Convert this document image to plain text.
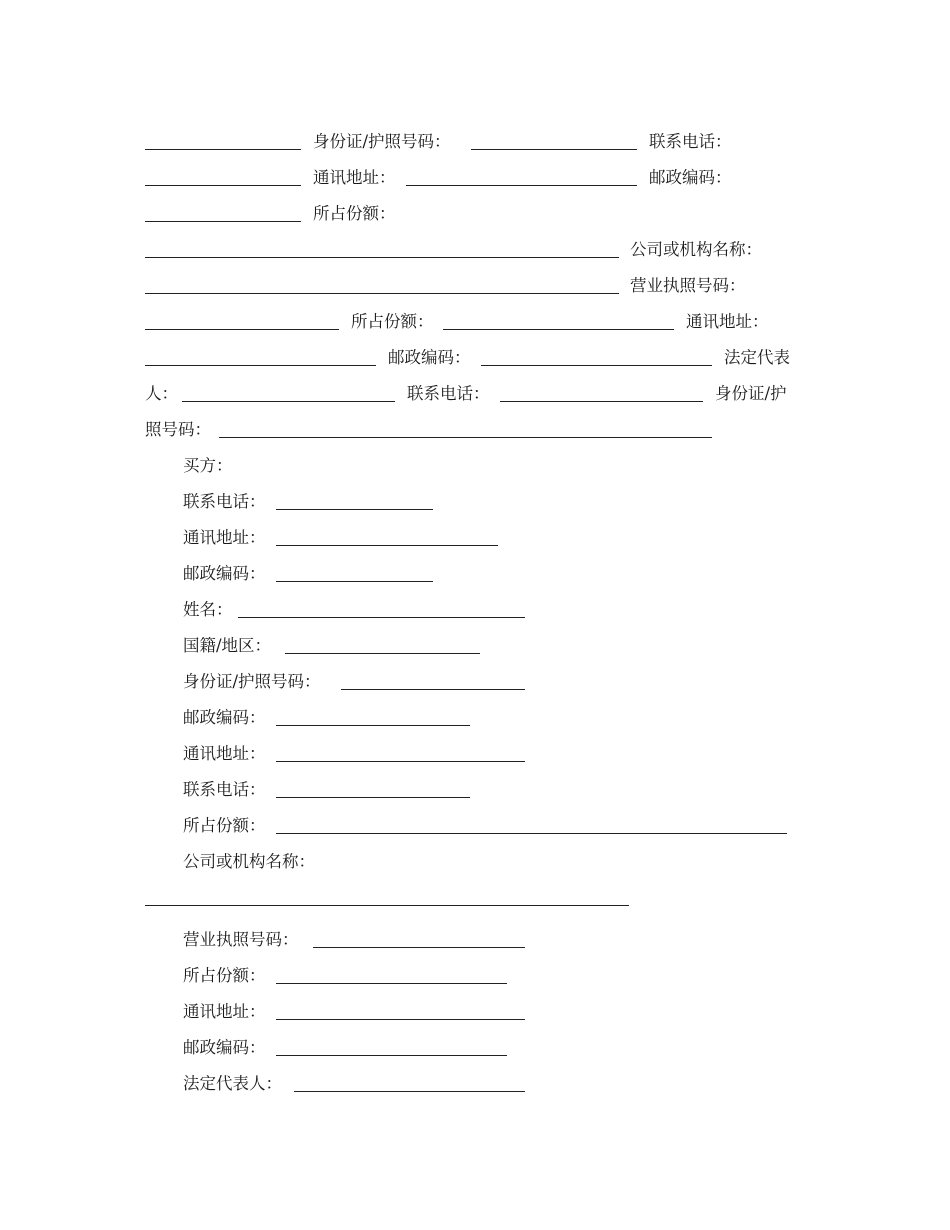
身份证/护照号码：	联系电话：
通讯地址：	邮政编码：
所占份额：
公司或机构名称：
营业执照号码：
所占份额：	通讯地址：
邮政编码：	法定代表
人：	联系电话：	身份证/护
照号码：
买方：
联系电话：
通讯地址：
邮政编码：
姓名：
国籍/地区：
身份证/护照号码：
邮政编码：
通讯地址：
联系电话：
所占份额：
公司或机构名称：
营业执照号码：
所占份额：
通讯地址：
邮政编码：
法定代表人：
